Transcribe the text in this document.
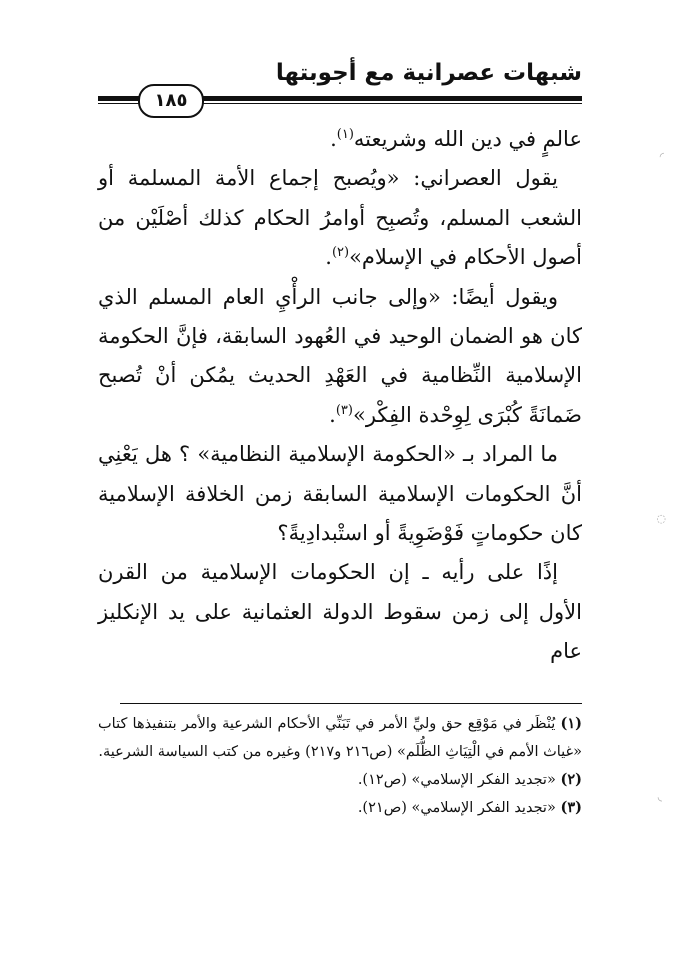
شبهات عصرانية مع أجوبتها
١٨٥

عالمٍ في دين الله وشريعته$^{(١)}$.

يقول العصراني: «ويُصبح إجماع الأمة المسلمة أو الشعب المسلم، وتُصبِح أوامرُ الحكام كذلك أصْلَيْن من أصول الأحكام في الإسلام»$^{(٢)}$.

ويقول أيضًا: «وإلى جانب الرأْيِ العام المسلم الذي كان هو الضمان الوحيد في العُهود السابقة، فإنَّ الحكومة الإسلامية النِّظامية في العَهْدِ الحديث يمُكن أنْ تُصبح ضَمانَةً كُبْرَى لِوِحْدة الفِكْر»$^{(٣)}$.

ما المراد بـ «الحكومة الإسلامية النظامية» ؟ هل يَعْنِي أنَّ الحكومات الإسلامية السابقة زمن الخلافة الإسلامية كان حكوماتٍ فَوْضَوِيةً أو استْبدادِيةً؟

إذًا على رأيه ـ إن الحكومات الإسلامية من القرن الأول إلى زمن سقوط الدولة العثمانية على يد الإنكليز عام

(١) يُنْظَر في مَوْقِع حق وليِّ الأمر في تَبَنِّي الأحكام الشرعية والأمر بتنفيذها كتاب «غياث الأمم في الْتِيَاثِ الظُّلَم» (ص٢١٦ و٢١٧) وغيره من كتب السياسة الشرعية.

(٢) «تجديد الفكر الإسلامي» (ص١٢).

(٣) «تجديد الفكر الإسلامي» (ص٢١).

◜
◌
◟
